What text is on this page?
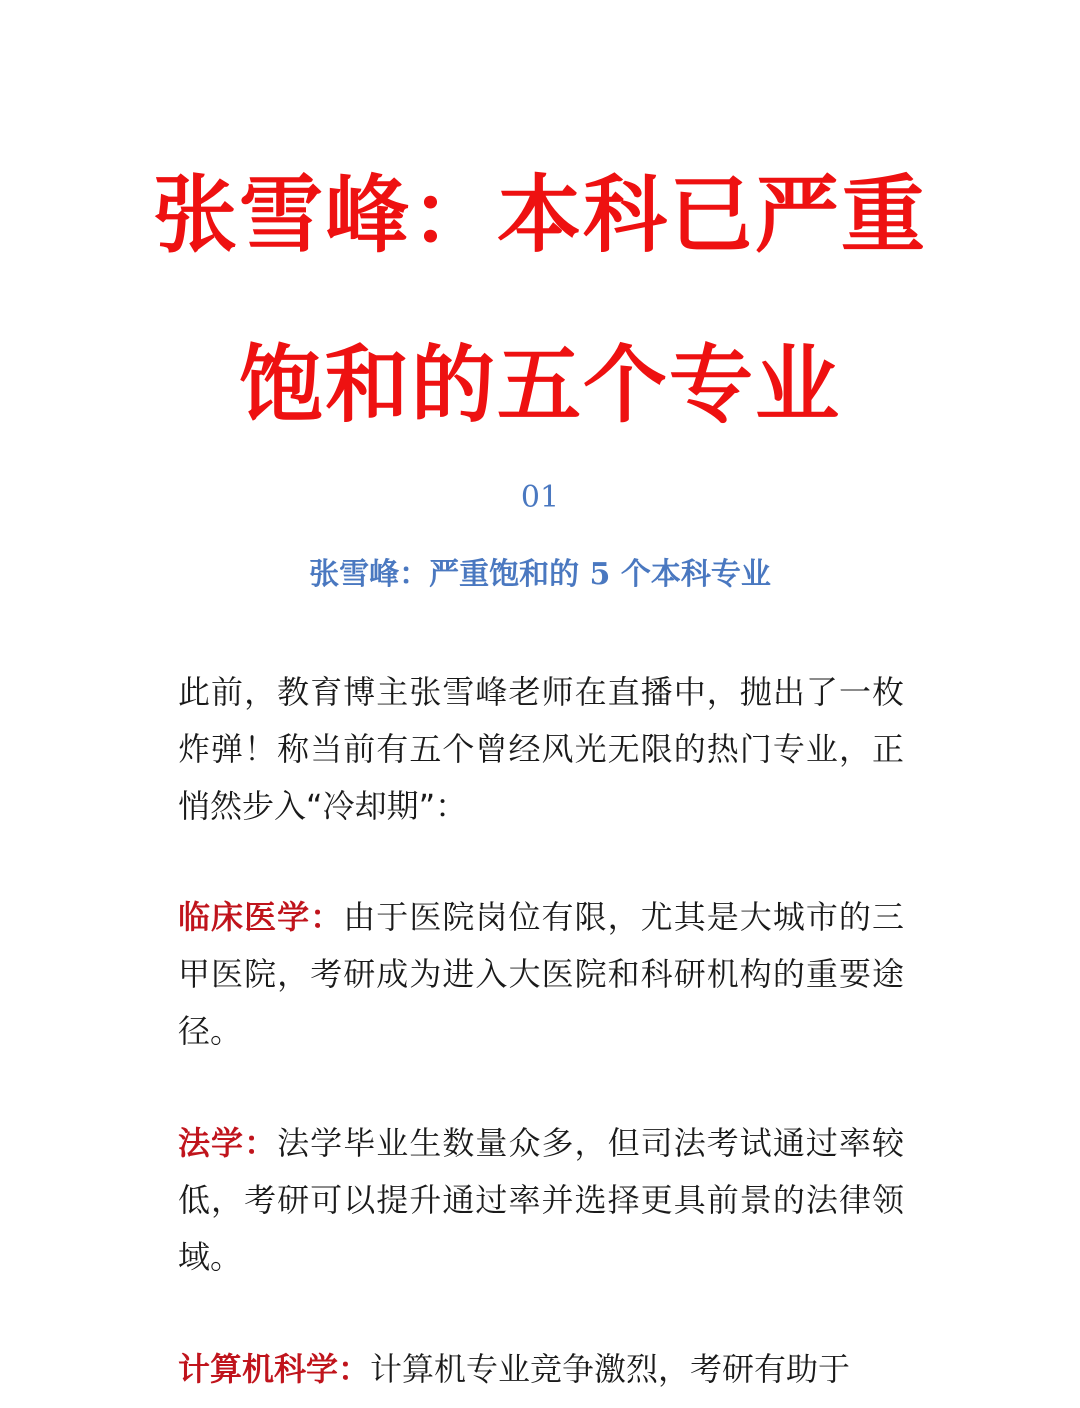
张雪峰：本科已严重
饱和的五个专业
01
张雪峰：严重饱和的 5 个本科专业

此前，教育博主张雪峰老师在直播中，抛出了一枚炸弹！称当前有五个曾经风光无限的热门专业，正悄然步入“冷却期”：

临床医学：由于医院岗位有限，尤其是大城市的三甲医院，考研成为进入大医院和科研机构的重要途径。

法学：法学毕业生数量众多，但司法考试通过率较低，考研可以提升通过率并选择更具前景的法律领域。

计算机科学：计算机专业竞争激烈，考研有助于
